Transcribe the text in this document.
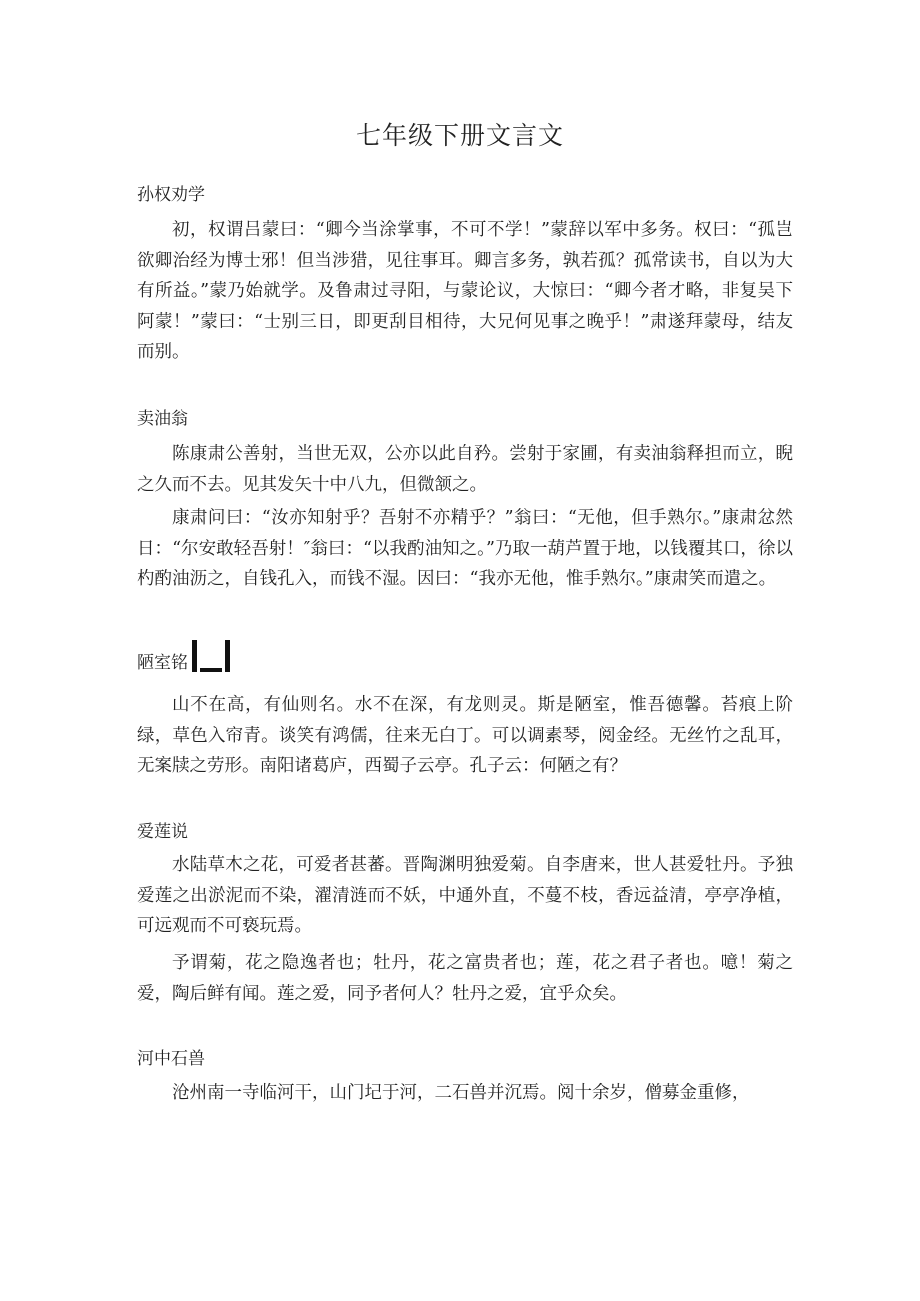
七年级下册文言文
孙权劝学

初，权谓吕蒙曰：“卿今当涂掌事，不可不学！”蒙辞以军中多务。权曰：“孤岂欲卿治经为博士邪！但当涉猎，见往事耳。卿言多务，孰若孤？孤常读书，自以为大有所益。”蒙乃始就学。及鲁肃过寻阳，与蒙论议，大惊曰：“卿今者才略，非复吴下阿蒙！”蒙曰：“士别三日，即更刮目相待，大兄何见事之晚乎！”肃遂拜蒙母，结友而别。

卖油翁

陈康肃公善射，当世无双，公亦以此自矜。尝射于家圃，有卖油翁释担而立，睨之久而不去。见其发矢十中八九，但微颔之。

康肃问曰：“汝亦知射乎？吾射不亦精乎？”翁曰：“无他，但手熟尔。”康肃忿然日：“尔安敢轻吾射！″翁曰：“以我酌油知之。”乃取一葫芦置于地，以钱覆其口，徐以杓酌油沥之，自钱孔入，而钱不湿。因曰：“我亦无他，惟手熟尔。”康肃笑而遣之。

陋室铭

山不在高，有仙则名。水不在深，有龙则灵。斯是陋室，惟吾德馨。苔痕上阶绿，草色入帘青。谈笑有鸿儒，往来无白丁。可以调素琴，阅金经。无丝竹之乱耳，无案牍之劳形。南阳诸葛庐，西蜀子云亭。孔子云：何陋之有？

爱莲说

水陆草木之花，可爱者甚蕃。晋陶渊明独爱菊。自李唐来，世人甚爱牡丹。予独爱莲之出淤泥而不染，濯清涟而不妖，中通外直，不蔓不枝，香远益清，亭亭净植，可远观而不可亵玩焉。

予谓菊，花之隐逸者也；牡丹，花之富贵者也；莲，花之君子者也。噫！菊之爱，陶后鲜有闻。莲之爱，同予者何人？牡丹之爱，宜乎众矣。

河中石兽

沧州南一寺临河干，山门圮于河，二石兽并沉焉。阅十余岁，僧募金重修，
